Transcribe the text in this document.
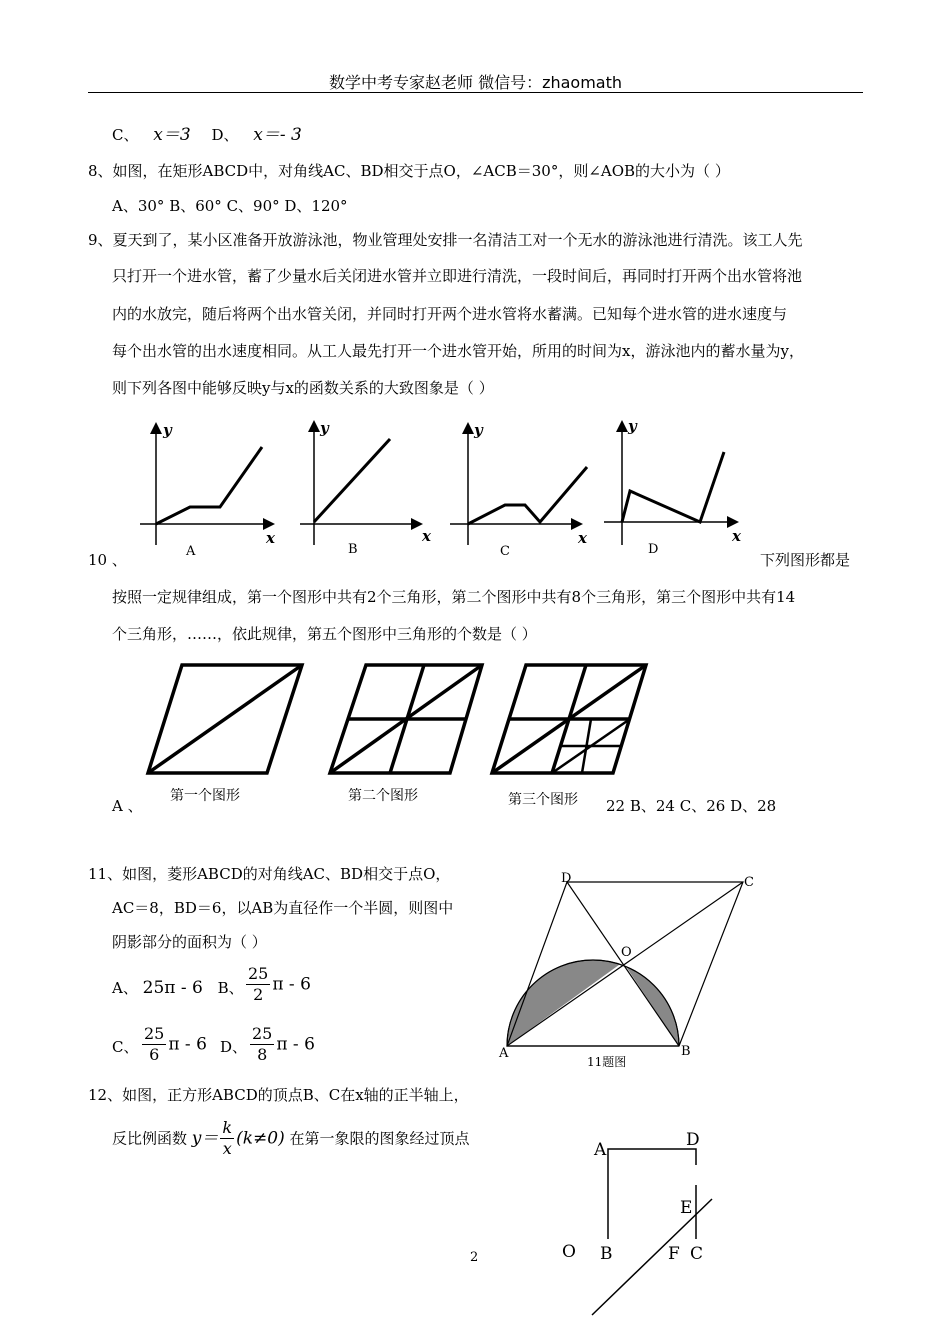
数学中考专家赵老师 微信号：zhaomath
C、 x＝3 D、 x＝- 3
8、如图，在矩形ABCD中，对角线AC、BD相交于点O，∠ACB＝30°，则∠AOB的大小为（ ）
A、30° B、60° C、90° D、120°
9、夏天到了，某小区准备开放游泳池，物业管理处安排一名清洁工对一个无水的游泳池进行清洗。该工人先
只打开一个进水管，蓄了少量水后关闭进水管并立即进行清洗，一段时间后，再同时打开两个出水管将池
内的水放完，随后将两个出水管关闭，并同时打开两个进水管将水蓄满。已知每个进水管的进水速度与
每个出水管的出水速度相同。从工人最先打开一个进水管开始，所用的时间为x，游泳池内的蓄水量为y，
则下列各图中能够反映y与x的函数关系的大致图象是（ ）
y
x
A
y
x
B
y
x
C
y
x
D
10 、	下列图形都是
按照一定规律组成，第一个图形中共有2个三角形，第二个图形中共有8个三角形，第三个图形中共有14
个三角形，……，依此规律，第五个图形中三角形的个数是（ ）
A 、
第一个图形	第二个图形	第三个图形 22 B、24 C、26 D、28
11、如图，菱形ABCD的对角线AC、BD相交于点O，
AC＝8，BD＝6，以AB为直径作一个半圆，则图中
阴影部分的面积为（ ）
A、 25π - 6 B、 $\frac{25}{2}$ π - 6
C、 $\frac{25}{6}$ π - 6 D、 $\frac{25}{8}$ π - 6
D	C
O
A	B
11题图
12、如图，正方形ABCD的顶点B、C在x轴的正半轴上，
反比例函数 $y= \frac{k}{x} (k\ne 0)$ 在第一象限的图象经过顶点
A	D
E
O B	F C
2
